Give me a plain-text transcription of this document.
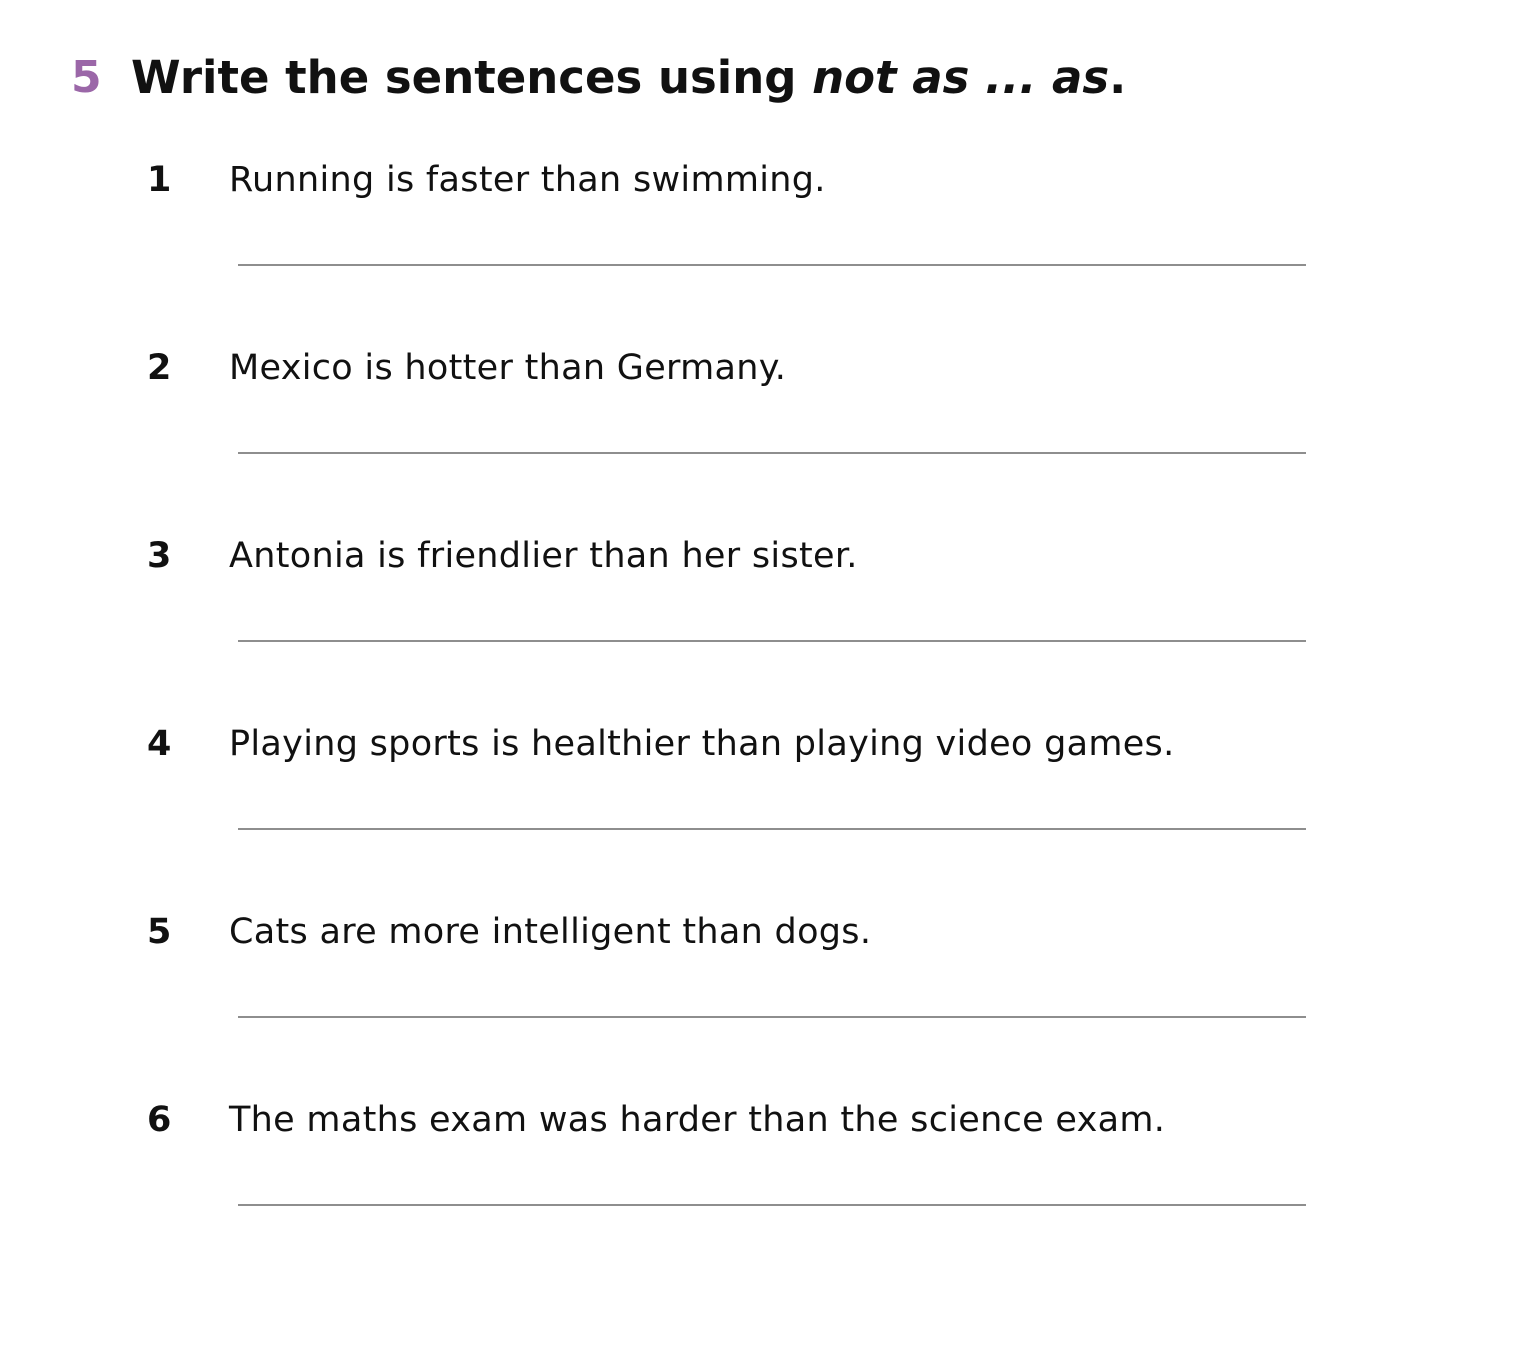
5 Write the sentences using not as ... as.
1 Running is faster than swimming.
2 Mexico is hotter than Germany.
3 Antonia is friendlier than her sister.
4 Playing sports is healthier than playing video games.
5 Cats are more intelligent than dogs.
6 The maths exam was harder than the science exam.
